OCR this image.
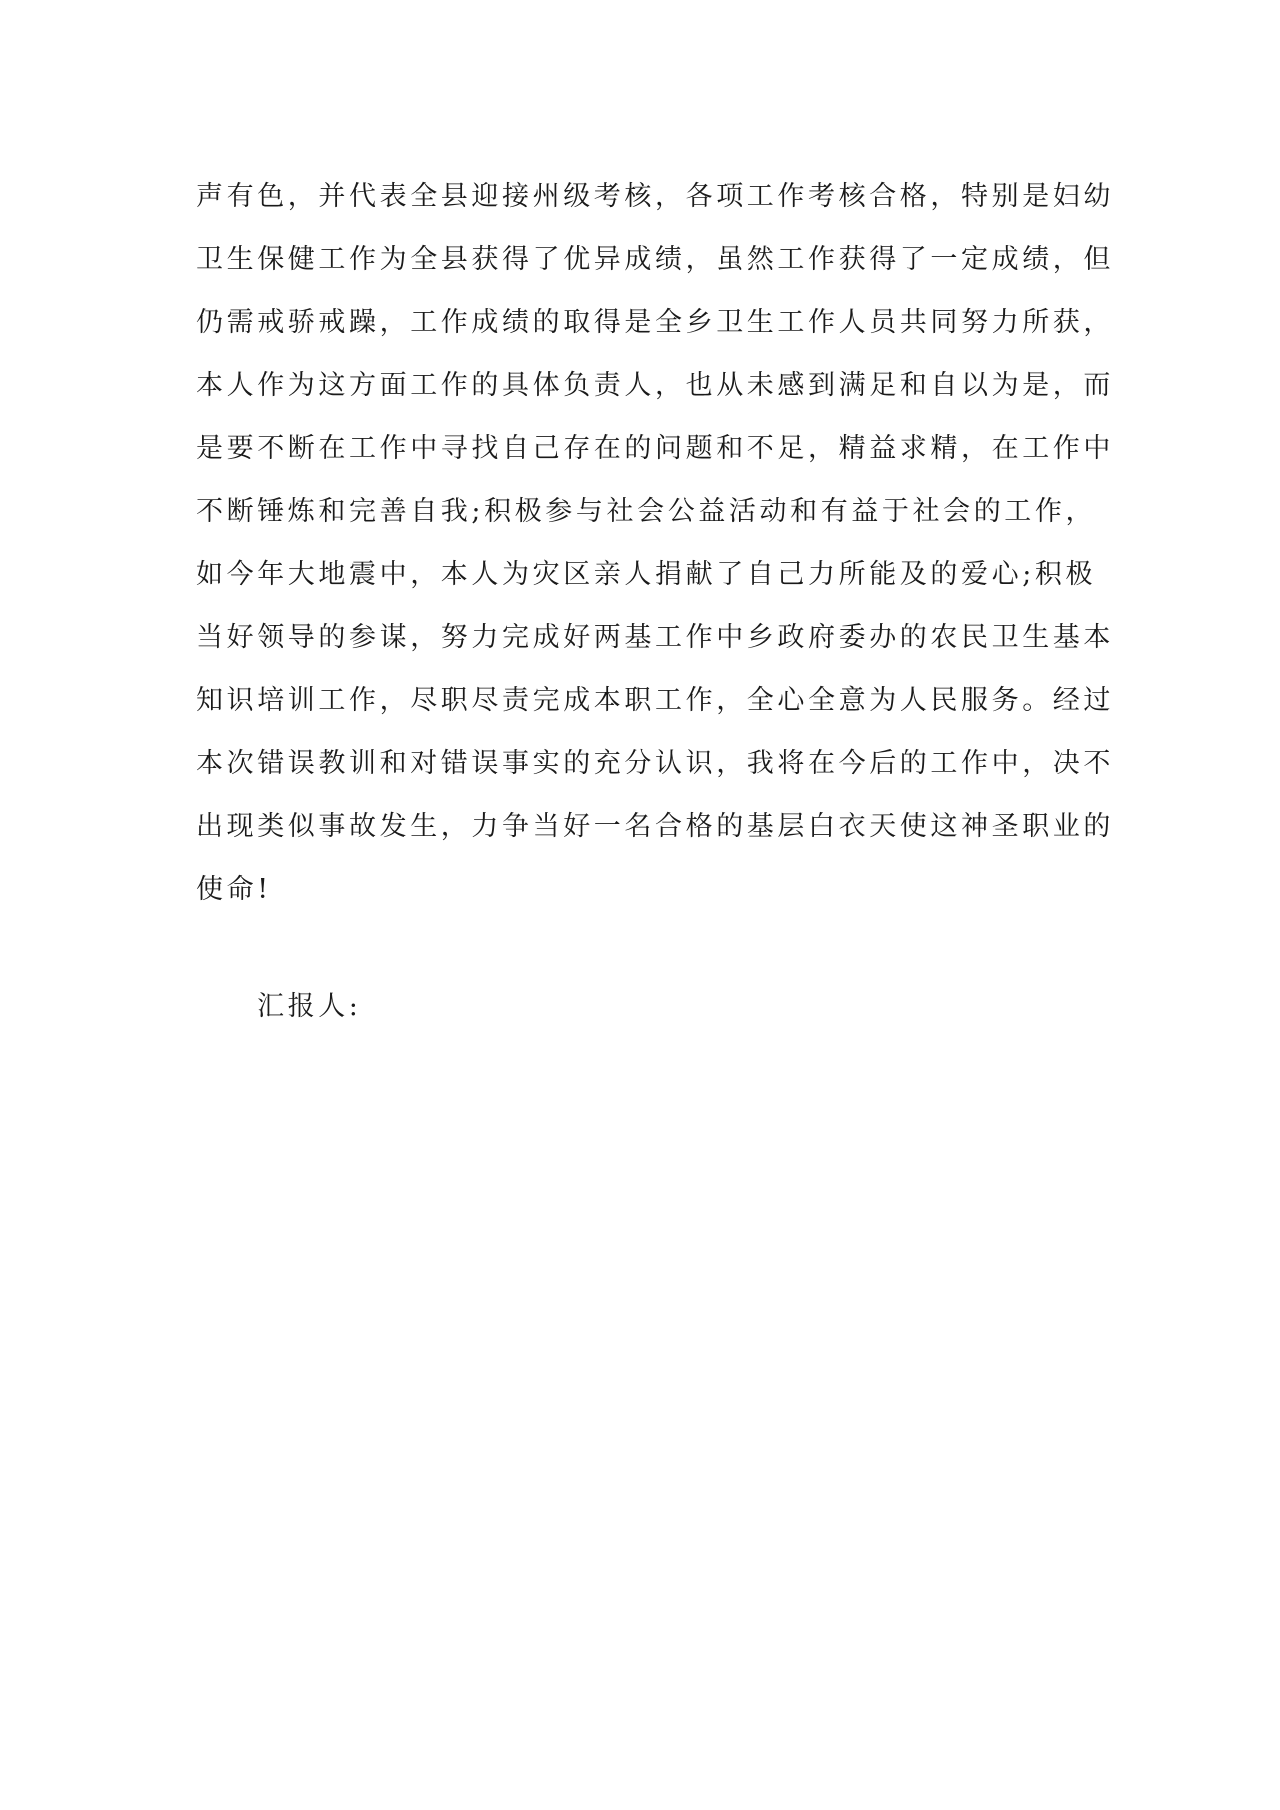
声有色，并代表全县迎接州级考核，各项工作考核合格，特别是妇幼
卫生保健工作为全县获得了优异成绩，虽然工作获得了一定成绩，但
仍需戒骄戒躁，工作成绩的取得是全乡卫生工作人员共同努力所获，
本人作为这方面工作的具体负责人，也从未感到满足和自以为是，而
是要不断在工作中寻找自己存在的问题和不足，精益求精，在工作中
不断锤炼和完善自我;积极参与社会公益活动和有益于社会的工作，
如今年大地震中，本人为灾区亲人捐献了自己力所能及的爱心;积极
当好领导的参谋，努力完成好两基工作中乡政府委办的农民卫生基本
知识培训工作，尽职尽责完成本职工作，全心全意为人民服务。经过
本次错误教训和对错误事实的充分认识，我将在今后的工作中，决不
出现类似事故发生，力争当好一名合格的基层白衣天使这神圣职业的
使命!
汇报人:
